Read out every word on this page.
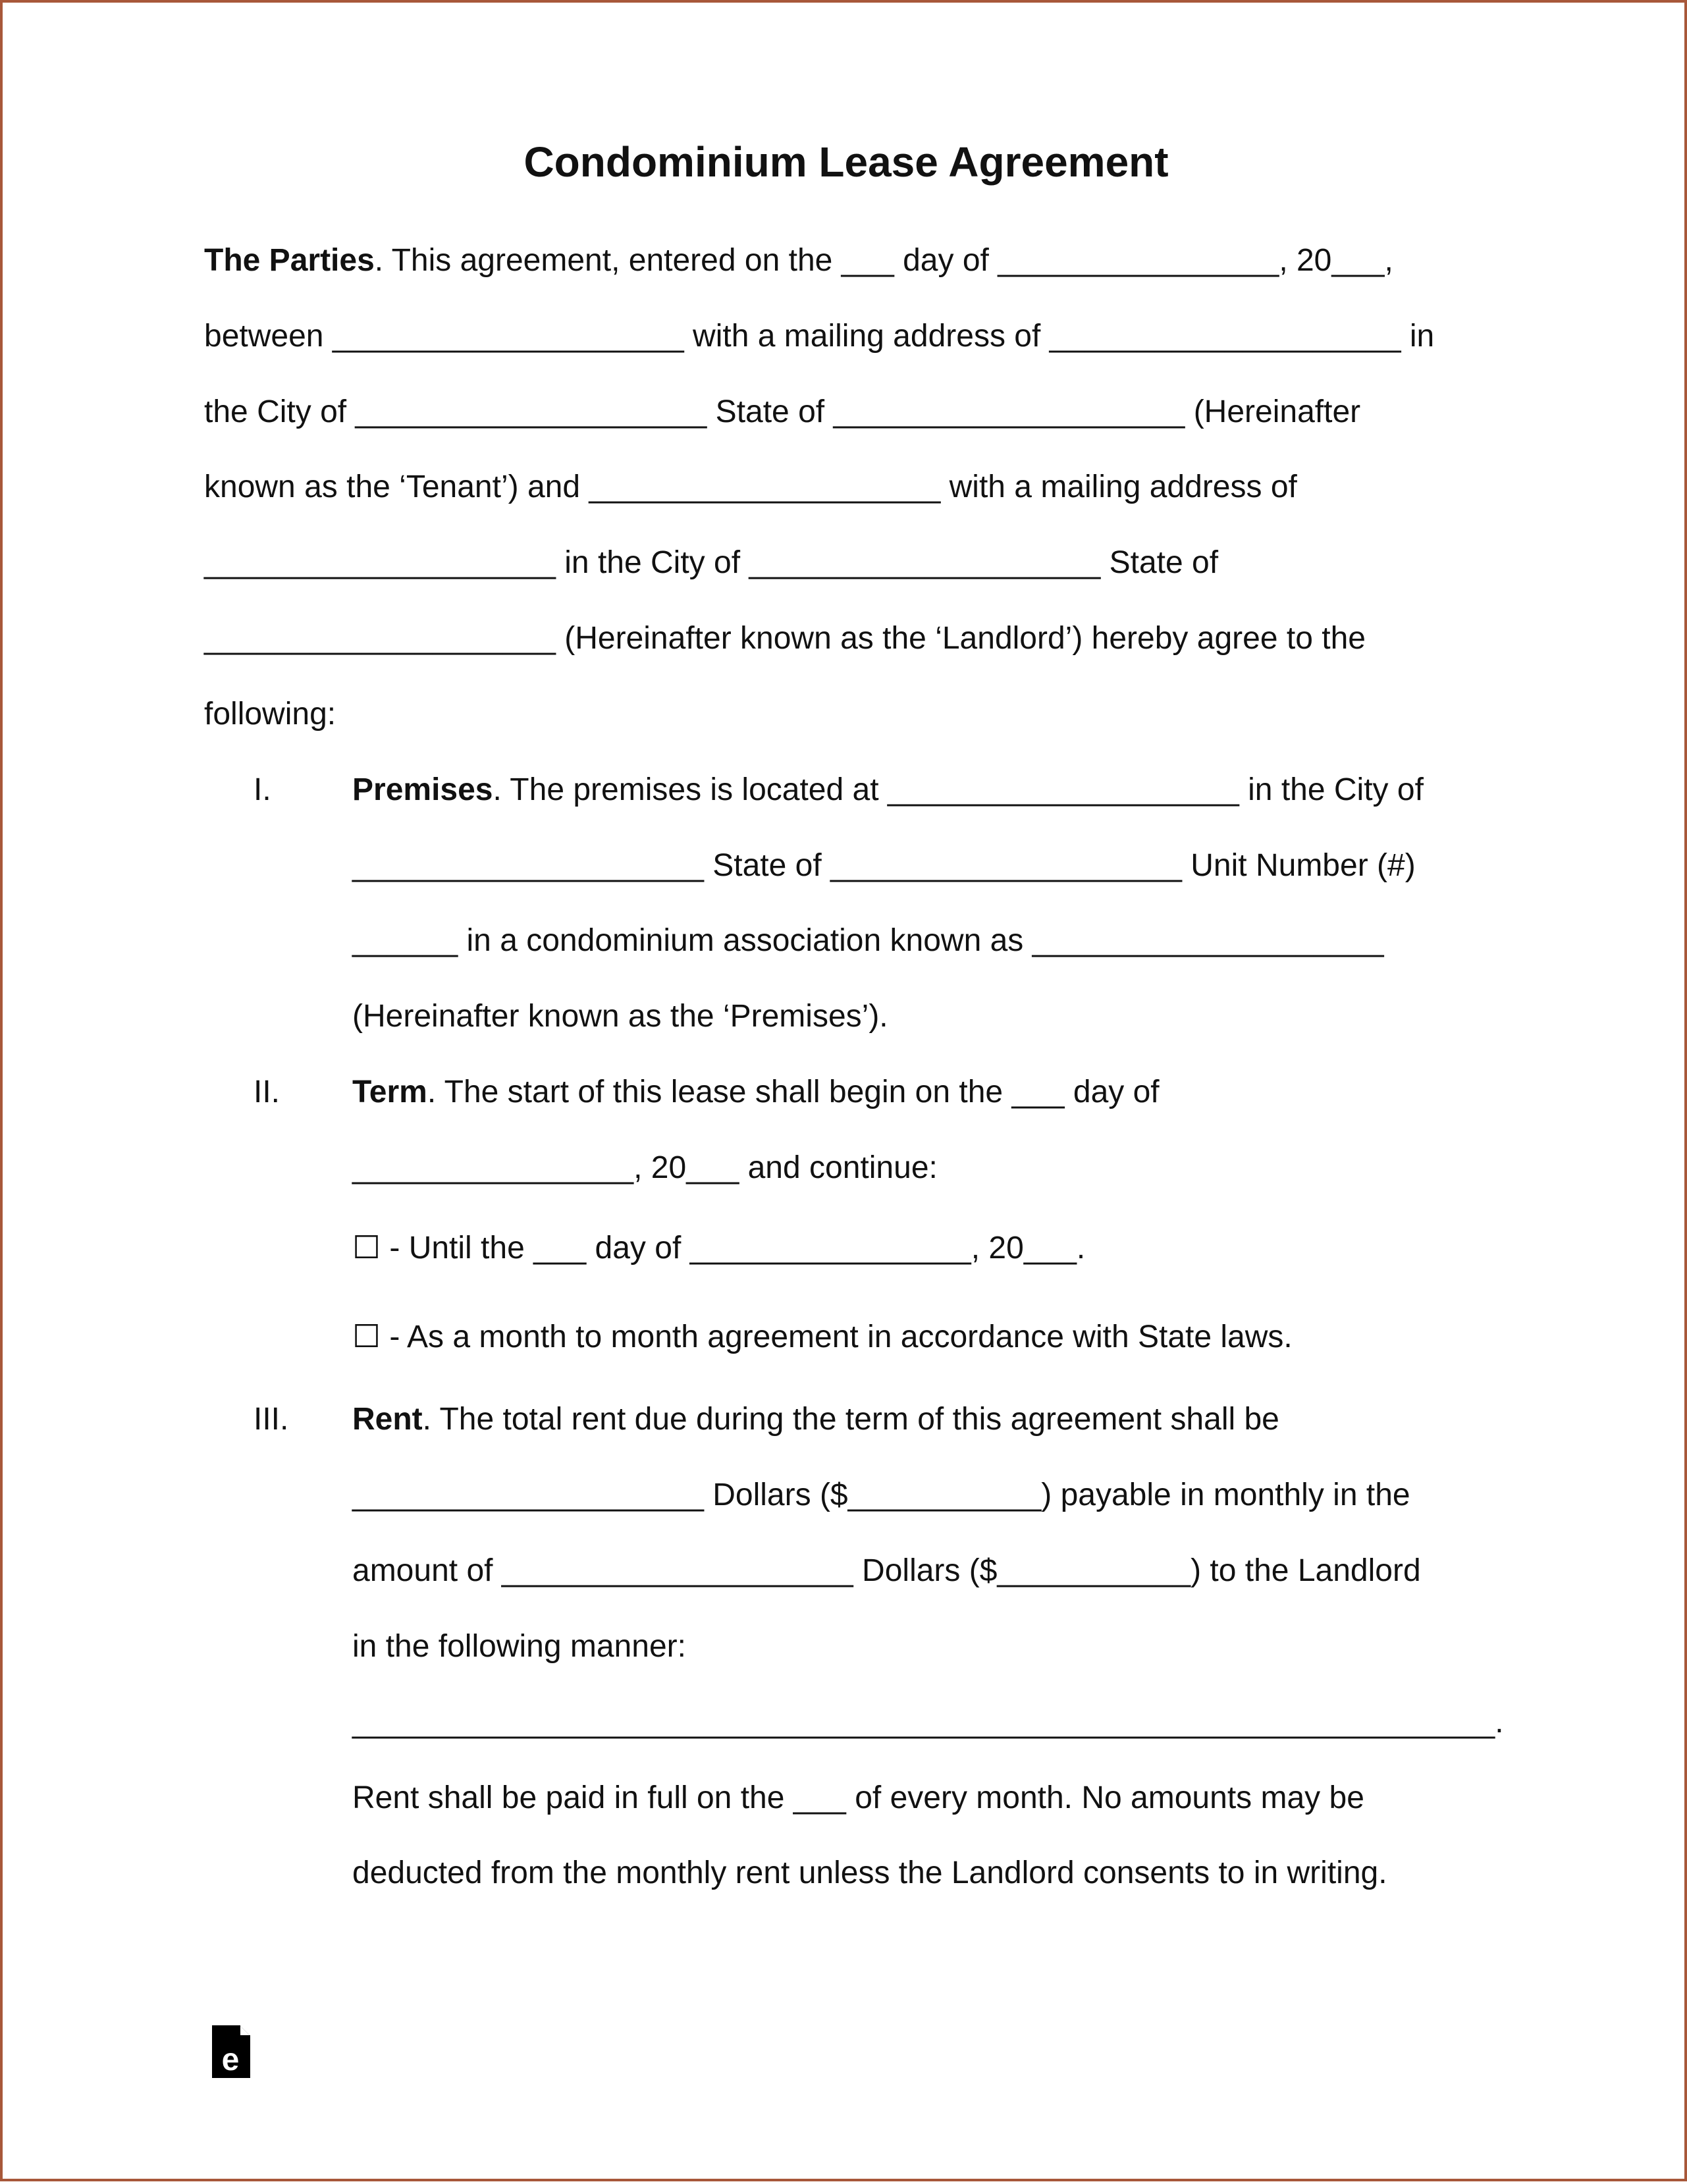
Condominium Lease Agreement
The Parties. This agreement, entered on the ___ day of ________________, 20___,
between ____________________ with a mailing address of ____________________ in
the City of ____________________ State of ____________________ (Hereinafter
known as the ‘Tenant’) and ____________________ with a mailing address of
____________________ in the City of ____________________ State of
____________________ (Hereinafter known as the ‘Landlord’) hereby agree to the
following:
I.	Premises. The premises is located at ____________________ in the City of
____________________ State of ____________________ Unit Number (#)
______ in a condominium association known as ____________________
(Hereinafter known as the ‘Premises’).
II. Term. The start of this lease shall begin on the ___ day of
________________, 20___ and continue:
☐ - Until the ___ day of ________________, 20___.
☐ - As a month to month agreement in accordance with State laws.
III. Rent. The total rent due during the term of this agreement shall be
____________________ Dollars ($___________) payable in monthly in the
amount of ____________________ Dollars ($___________) to the Landlord
in the following manner:
_________________________________________________________________.
Rent shall be paid in full on the ___ of every month. No amounts may be
deducted from the monthly rent unless the Landlord consents to in writing.
e
